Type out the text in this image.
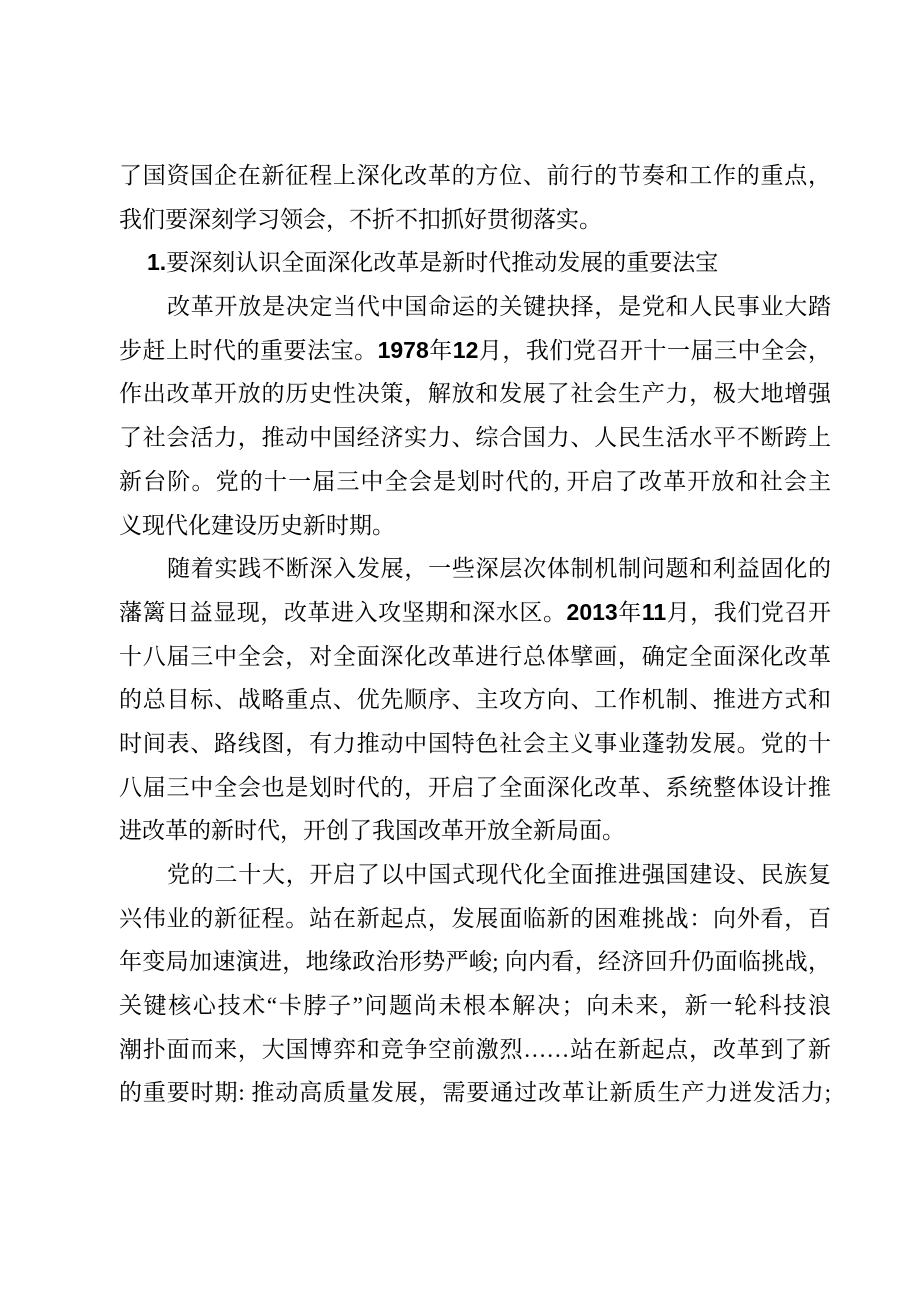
了国资国企在新征程上深化改革的方位、前行的节奏和工作的重点，
我们要深刻学习领会，不折不扣抓好贯彻落实。
1.要深刻认识全面深化改革是新时代推动发展的重要法宝
改革开放是决定当代中国命运的关键抉择，是党和人民事业大踏
步赶上时代的重要法宝。1978年12月，我们党召开十一届三中全会，
作出改革开放的历史性决策，解放和发展了社会生产力，极大地增强
了社会活力，推动中国经济实力、综合国力、人民生活水平不断跨上
新台阶。党的十一届三中全会是划时代的, 开启了改革开放和社会主
义现代化建设历史新时期。
随着实践不断深入发展，一些深层次体制机制问题和利益固化的
藩篱日益显现，改革进入攻坚期和深水区。2013年11月，我们党召开
十八届三中全会，对全面深化改革进行总体擘画，确定全面深化改革
的总目标、战略重点、优先顺序、主攻方向、工作机制、推进方式和
时间表、路线图，有力推动中国特色社会主义事业蓬勃发展。党的十
八届三中全会也是划时代的，开启了全面深化改革、系统整体设计推
进改革的新时代，开创了我国改革开放全新局面。
党的二十大，开启了以中国式现代化全面推进强国建设、民族复
兴伟业的新征程。站在新起点，发展面临新的困难挑战：向外看，百
年变局加速演进，地缘政治形势严峻; 向内看，经济回升仍面临挑战，
关键核心技术“卡脖子”问题尚未根本解决；向未来，新一轮科技浪
潮扑面而来，大国博弈和竞争空前激烈……站在新起点，改革到了新
的重要时期: 推动高质量发展，需要通过改革让新质生产力迸发活力;
